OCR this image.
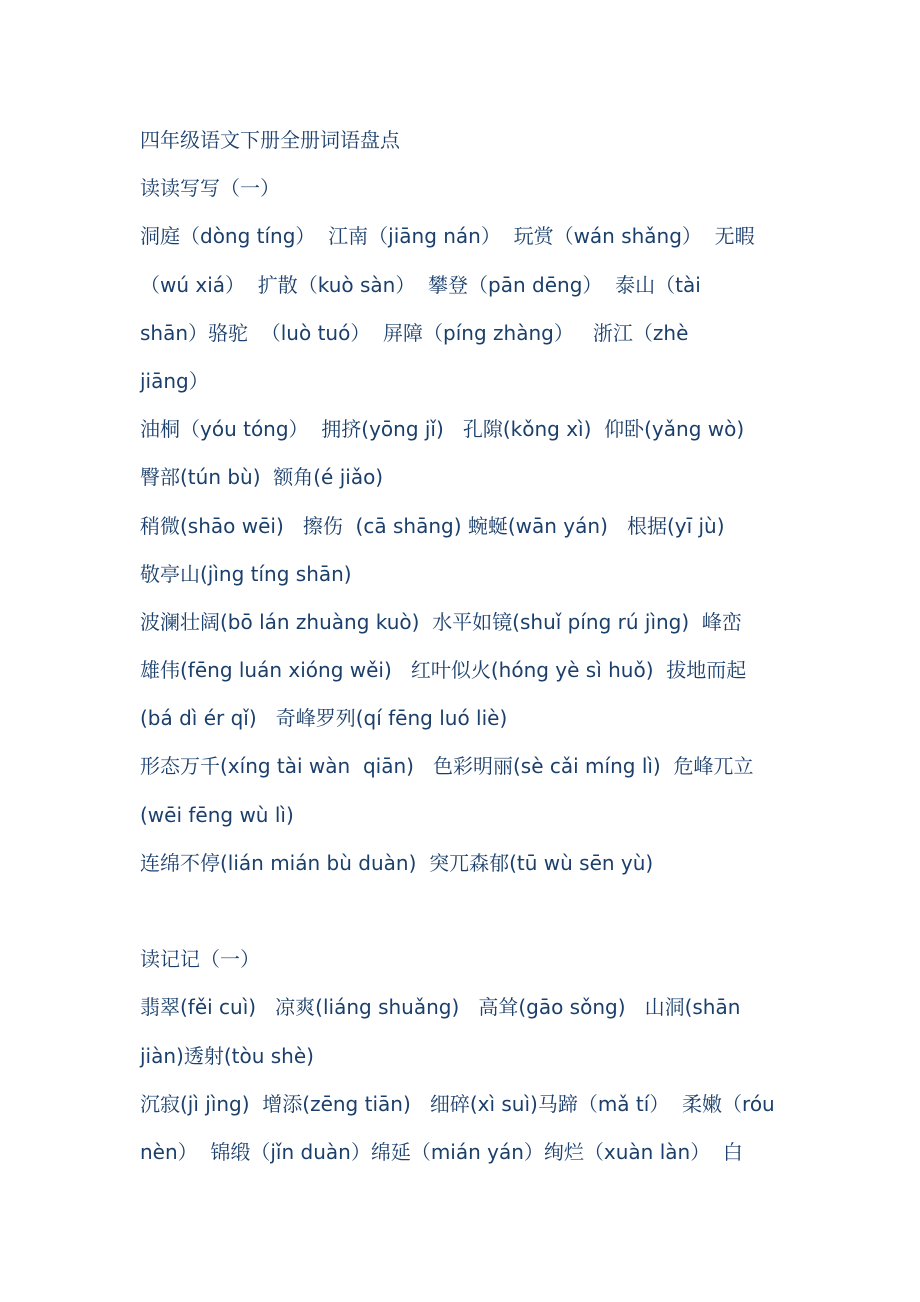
四年级语文下册全册词语盘点
读读写写（一）
洞庭（dòng tíng）  江南（jiāng nán）  玩赏（wán shǎng）  无暇
（wú xiá）  扩散（kuò sàn）  攀登（pān dēng）  泰山（tài
shān）骆驼  （luò tuó）  屏障（píng zhàng）   浙江（zhè
jiāng）
油桐（yóu tóng）  拥挤(yōng jǐ)   孔隙(kǒng xì)  仰卧(yǎng wò)
臀部(tún bù)  额角(é jiǎo)
稍微(shāo wēi)   擦伤  (cā shāng) 蜿蜒(wān yán)   根据(yī jù)
敬亭山(jìng tíng shān)
波澜壮阔(bō lán zhuàng kuò)  水平如镜(shuǐ píng rú jìng)  峰峦
雄伟(fēng luán xióng wěi)   红叶似火(hóng yè sì huǒ)  拔地而起
(bá dì ér qǐ)   奇峰罗列(qí fēng luó liè)
形态万千(xíng tài wàn  qiān)   色彩明丽(sè cǎi míng lì)  危峰兀立
(wēi fēng wù lì)
连绵不停(lián mián bù duàn)  突兀森郁(tū wù sēn yù)
读记记（一）
翡翠(fěi cuì)   凉爽(liáng shuǎng)   高耸(gāo sǒng)   山洞(shān
jiàn)透射(tòu shè)
沉寂(jì jìng)  增添(zēng tiān)   细碎(xì suì)马蹄（mǎ tí）  柔嫩（róu
nèn）  锦缎（jǐn duàn）绵延（mián yán）绚烂（xuàn làn）  白
